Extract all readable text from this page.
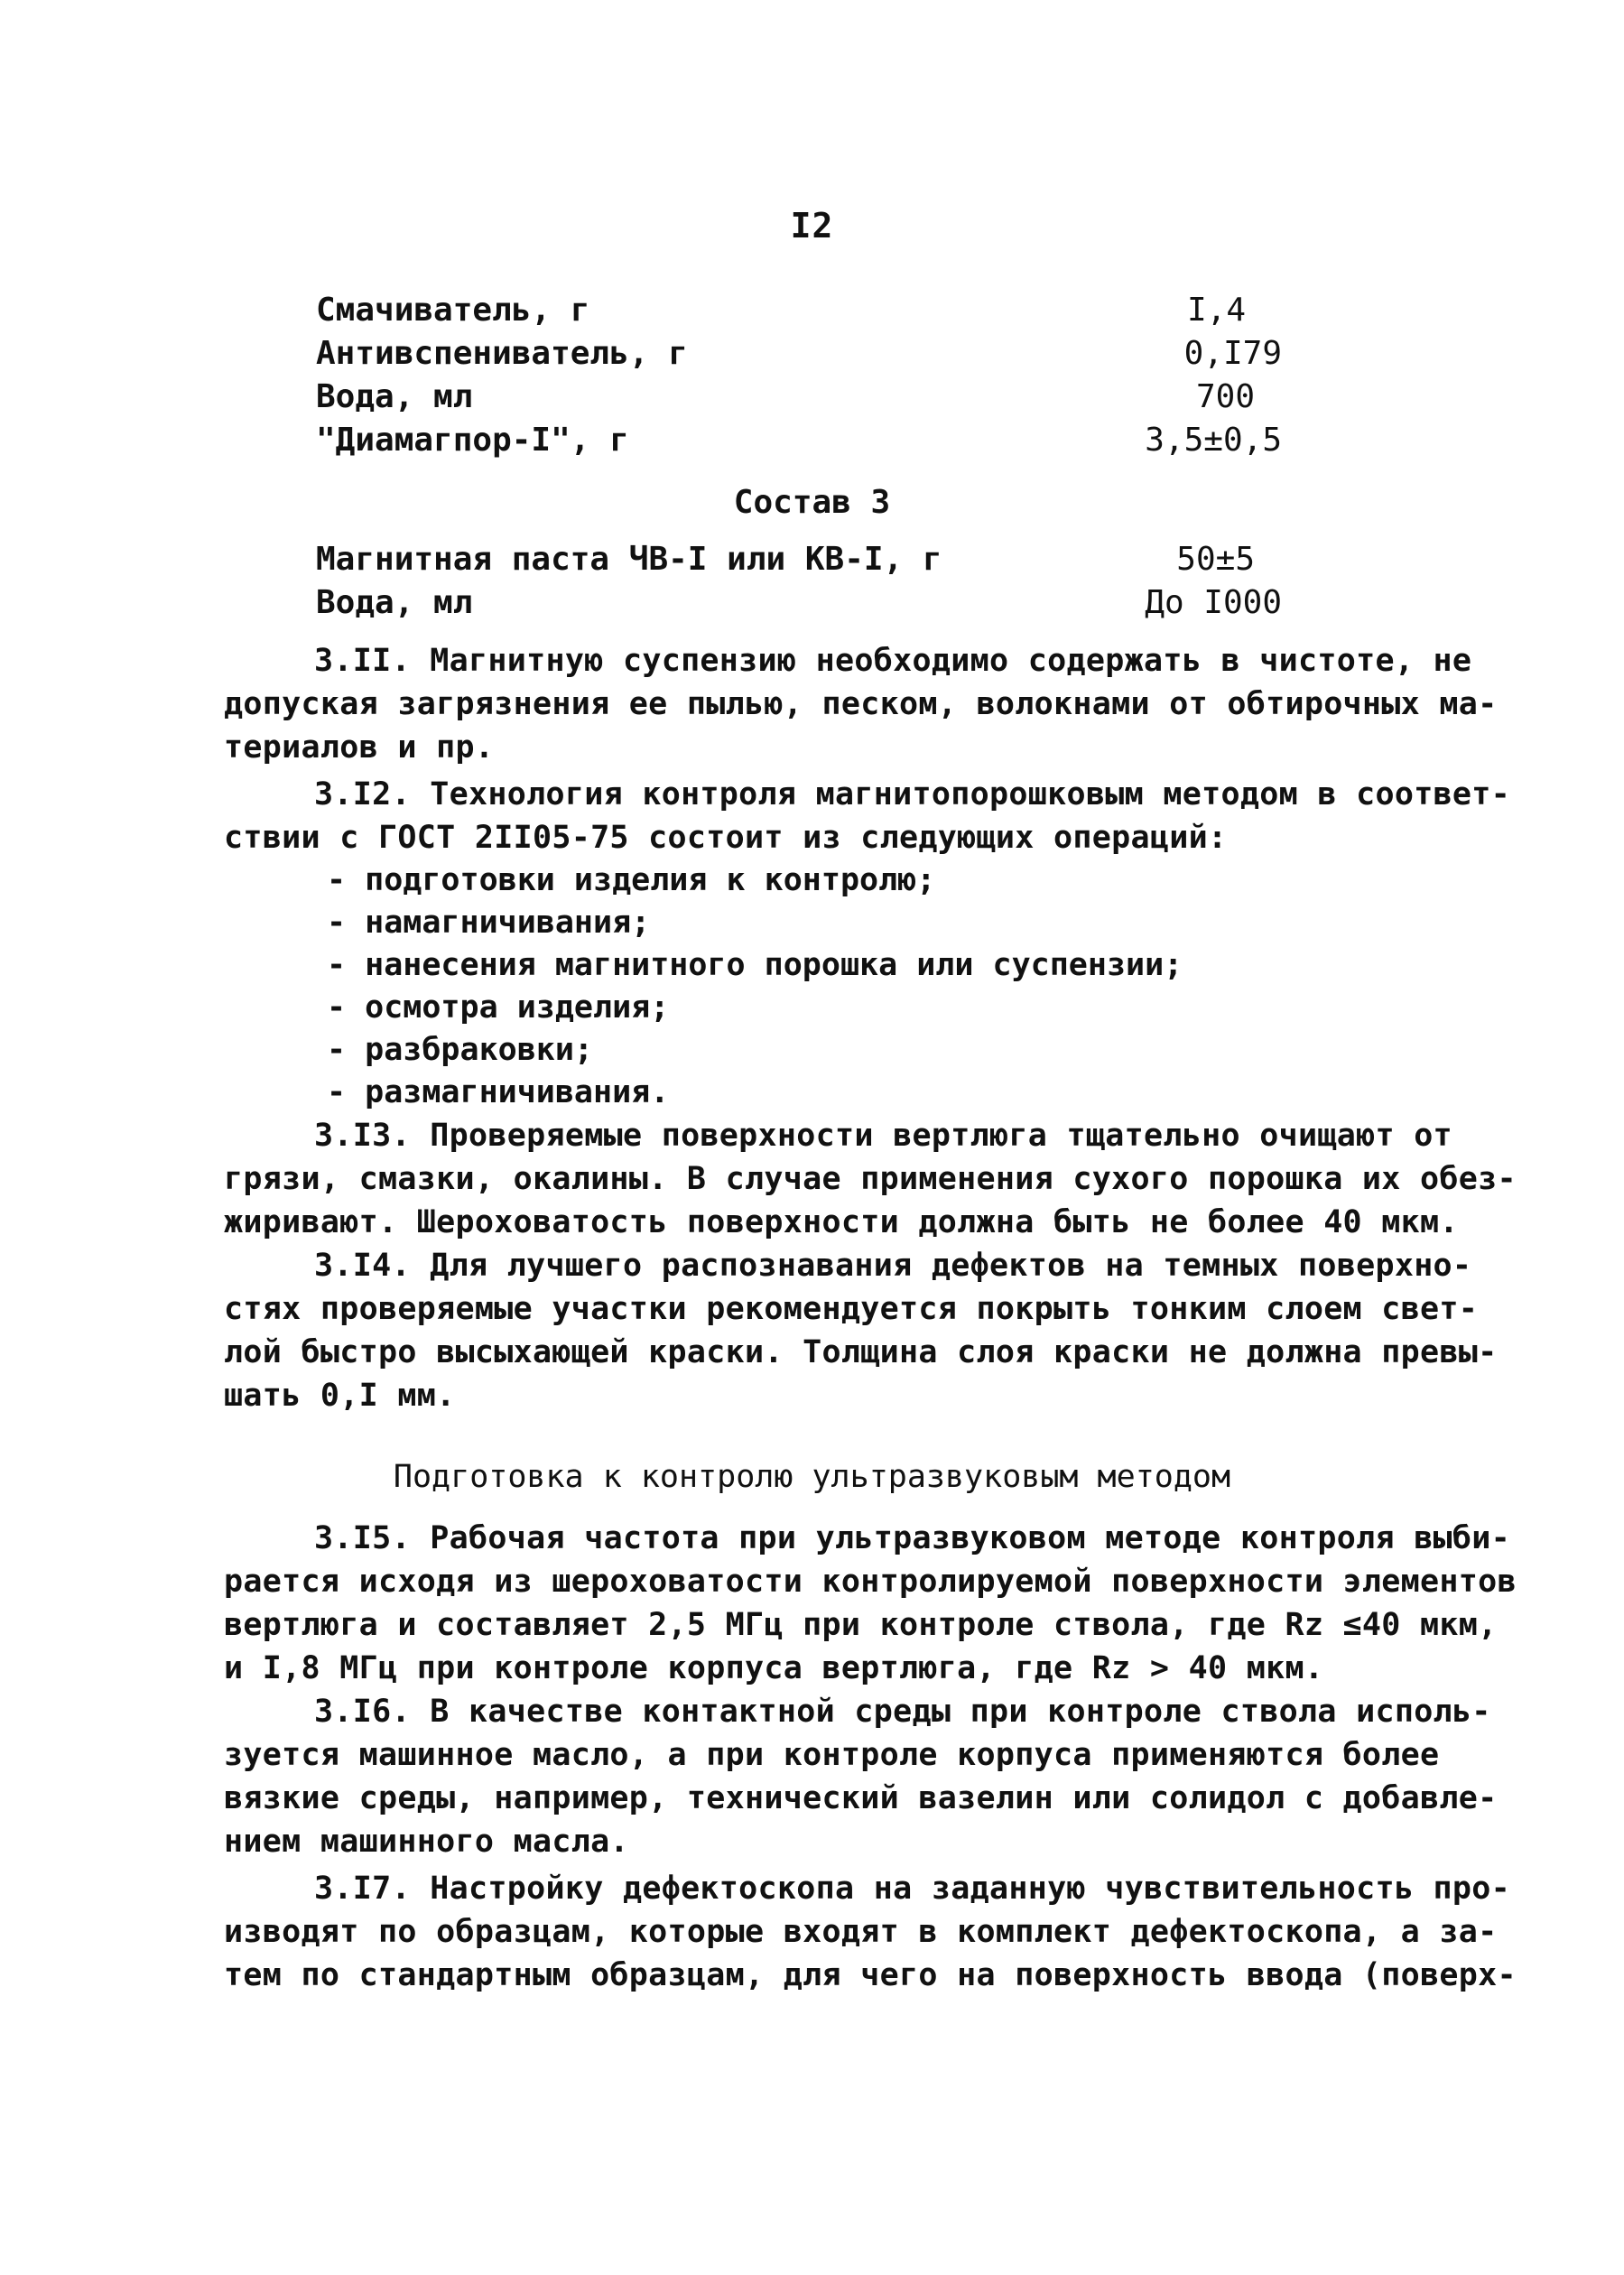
I2
Смачиватель, г	I,4
Антивспениватель, г	0,I79
Вода, мл	700
"Диамагпор-I", г	3,5±0,5
Состав 3
Магнитная паста ЧВ-I или КВ-I, г	50±5
Вода, мл	До I000
3.II. Магнитную суспензию необходимо содержать в чистоте, не
допуская загрязнения ее пылью, песком, волокнами от обтирочных ма-
териалов и пр.
3.I2. Технология контроля магнитопорошковым методом в соответ-
ствии с ГОСТ 2II05-75 состоит из следующих операций:
- подготовки изделия к контролю;
- намагничивания;
- нанесения магнитного порошка или суспензии;
- осмотра изделия;
- разбраковки;
- размагничивания.
3.I3. Проверяемые поверхности вертлюга тщательно очищают от
грязи, смазки, окалины. В случае применения сухого порошка их обез-
жиривают. Шероховатость поверхности должна быть не более 40 мкм.
3.I4. Для лучшего распознавания дефектов на темных поверхно-
стях проверяемые участки рекомендуется покрыть тонким слоем свет-
лой быстро высыхающей краски. Толщина слоя краски не должна превы-
шать 0,I мм.
Подготовка к контролю ультразвуковым методом
3.I5. Рабочая частота при ультразвуковом методе контроля выби-
рается исходя из шероховатости контролируемой поверхности элементов
вертлюга и составляет 2,5 МГц при контроле ствола, где Rz ≤40 мкм,
и I,8 МГц при контроле корпуса вертлюга, где Rz > 40 мкм.
3.I6. В качестве контактной среды при контроле ствола исполь-
зуется машинное масло, а при контроле корпуса применяются более
вязкие среды, например, технический вазелин или солидол с добавле-
нием машинного масла.
3.I7. Настройку дефектоскопа на заданную чувствительность про-
изводят по образцам, которые входят в комплект дефектоскопа, а за-
тем по стандартным образцам, для чего на поверхность ввода (поверх-
